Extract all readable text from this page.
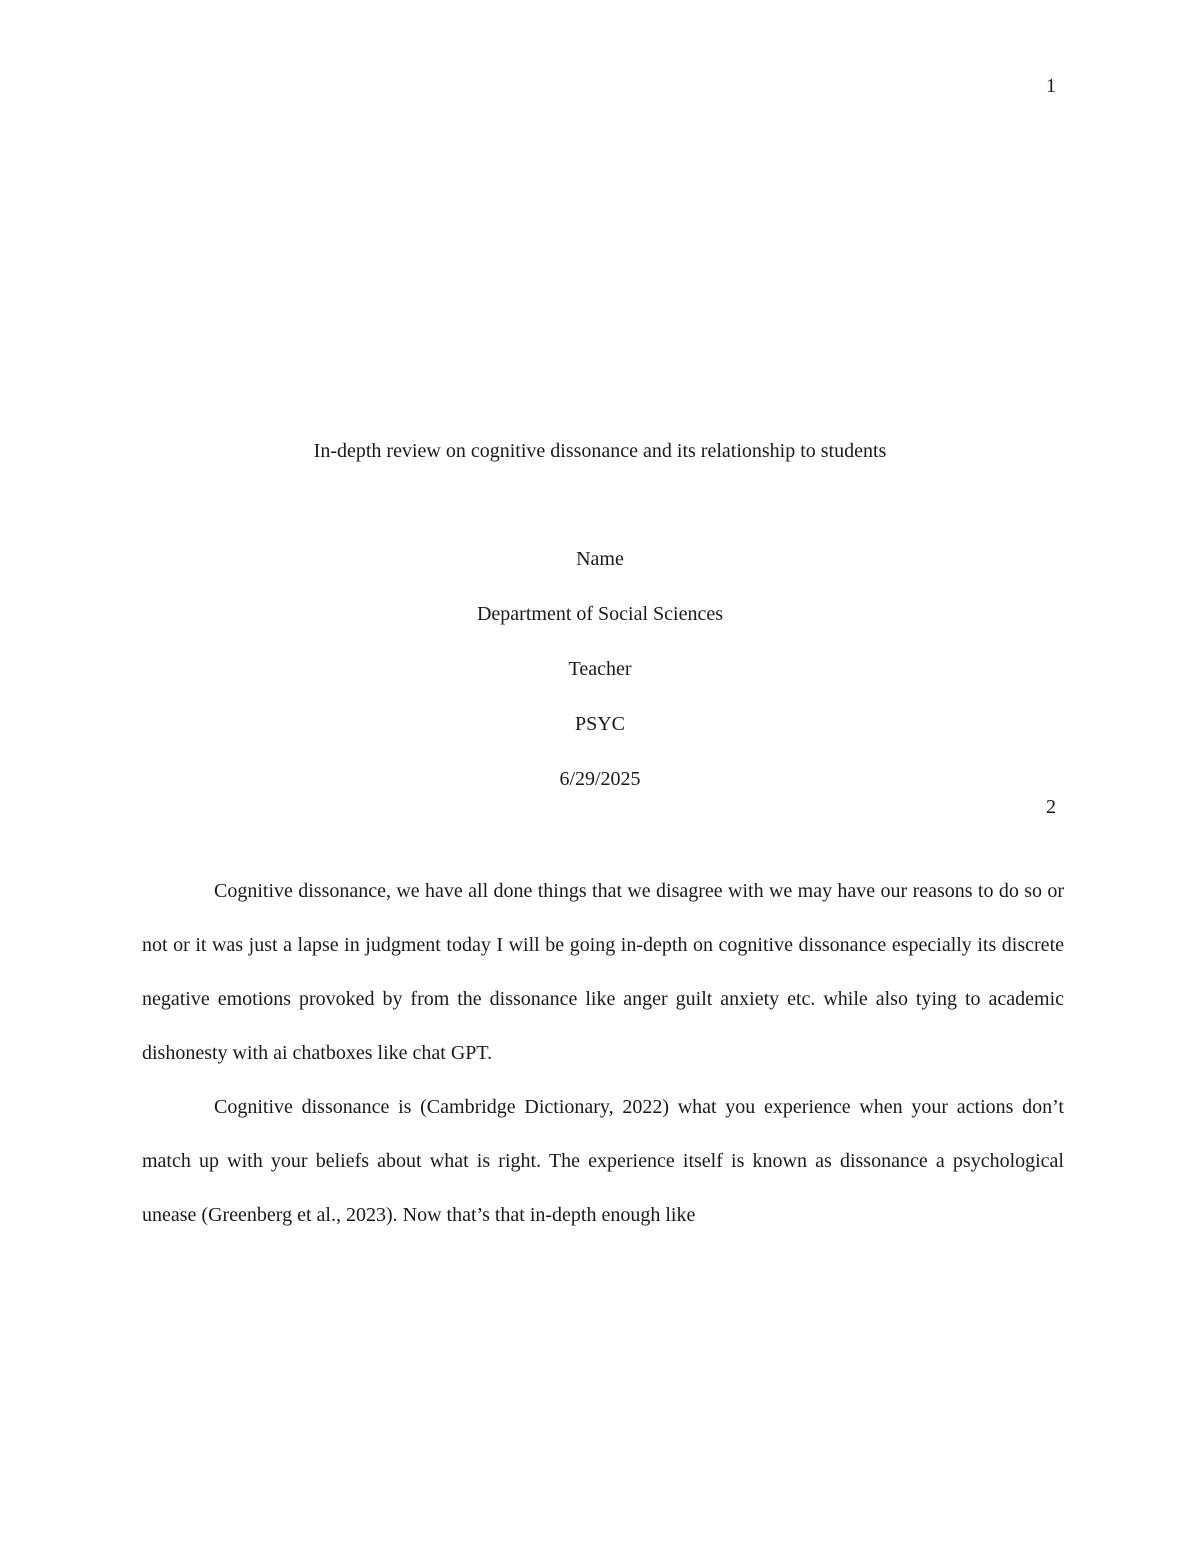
1
In-depth review on cognitive dissonance and its relationship to students
Name
Department of Social Sciences
Teacher
PSYC
6/29/2025
2

Cognitive dissonance, we have all done things that we disagree with we may have our reasons to do so or not or it was just a lapse in judgment today I will be going in-depth on cognitive dissonance especially its discrete negative emotions provoked by from the dissonance like anger guilt anxiety etc. while also tying to academic dishonesty with ai chatboxes like chat GPT.

Cognitive dissonance is (Cambridge Dictionary, 2022) what you experience when your actions don’t match up with your beliefs about what is right. The experience itself is known as dissonance a psychological unease (Greenberg et al., 2023). Now that’s that in-depth enough like
